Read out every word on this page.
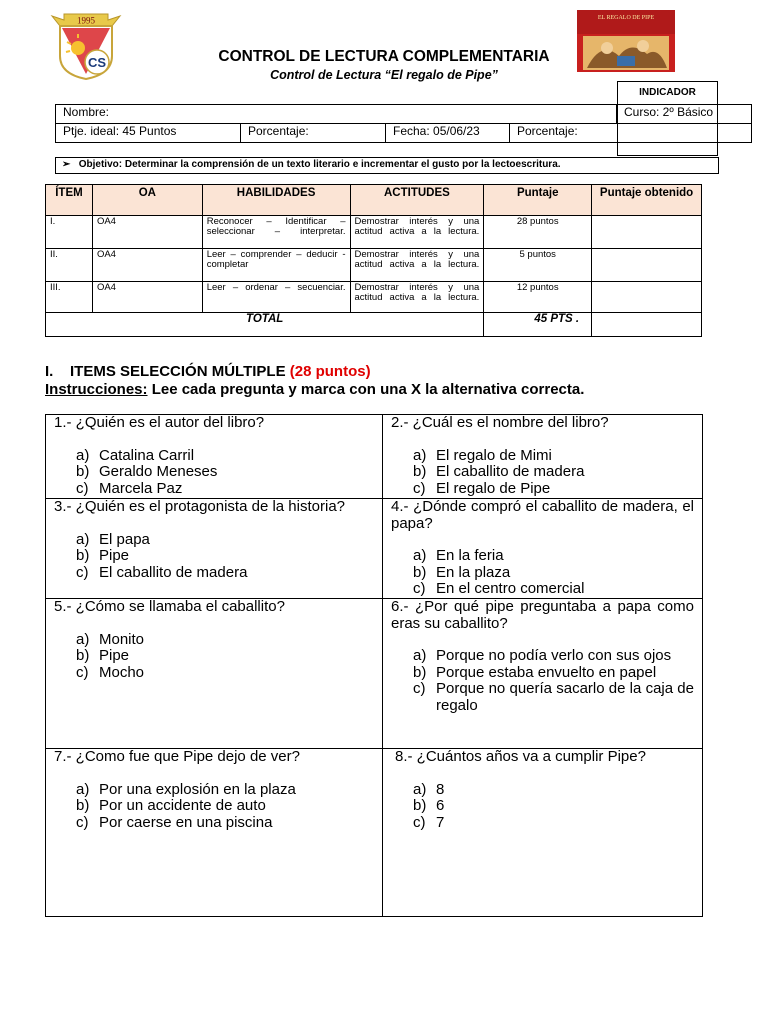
1995
CS	CONTROL DE LECTURA COMPLEMENTARIA
Control de Lectura “El regalo de Pipe”
EL REGALO DE PIPE
INDICADOR
Nombre:				Curso: 2º Básico
Ptje. ideal: 45 Puntos	Porcentaje:	Fecha: 05/06/23	Porcentaje:	
➢ Objetivo: Determinar la comprensión de un texto literario e incrementar el gusto por la lectoescritura.
ÍTEM	OA	HABILIDADES	ACTITUDES	Puntaje	Puntaje obtenido
I.	OA4	Reconocer – Identificar – seleccionar – interpretar.	Demostrar interés y una actitud activa a la lectura.	28 puntos	
II.	OA4	Leer – comprender – deducir - completar	Demostrar interés y una actitud activa a la lectura.	5 puntos	
III.	OA4	Leer – ordenar – secuenciar.	Demostrar interés y una actitud activa a la lectura.	12 puntos	
TOTAL				45 PTS .	
I. ITEMS SELECCIÓN MÚLTIPLE (28 puntos)
Instrucciones: Lee cada pregunta y marca con una X la alternativa correcta.
1.- ¿Quién es el autor del libro?
a) Catalina Carril
b) Geraldo Meneses
c) Marcela Paz
2.- ¿Cuál es el nombre del libro?
a) El regalo de Mimi
b) El caballito de madera
c) El regalo de Pipe
3.- ¿Quién es el protagonista de la historia?
a) El papa
b) Pipe
c) El caballito de madera
4.- ¿Dónde compró el caballito de madera, el papa?
a) En la feria
b) En la plaza
c) En el centro comercial
5.- ¿Cómo se llamaba el caballito?
a) Monito
b) Pipe
c) Mocho
6.- ¿Por qué pipe preguntaba a papa como eras su caballito?
a) Porque no podía verlo con sus ojos
b) Porque estaba envuelto en papel
c) Porque no quería sacarlo de la caja de regalo
7.- ¿Como fue que Pipe dejo de ver?
a) Por una explosión en la plaza
b) Por un accidente de auto
c) Por caerse en una piscina
8.- ¿Cuántos años va a cumplir Pipe?
a) 8
b) 6
c) 7
